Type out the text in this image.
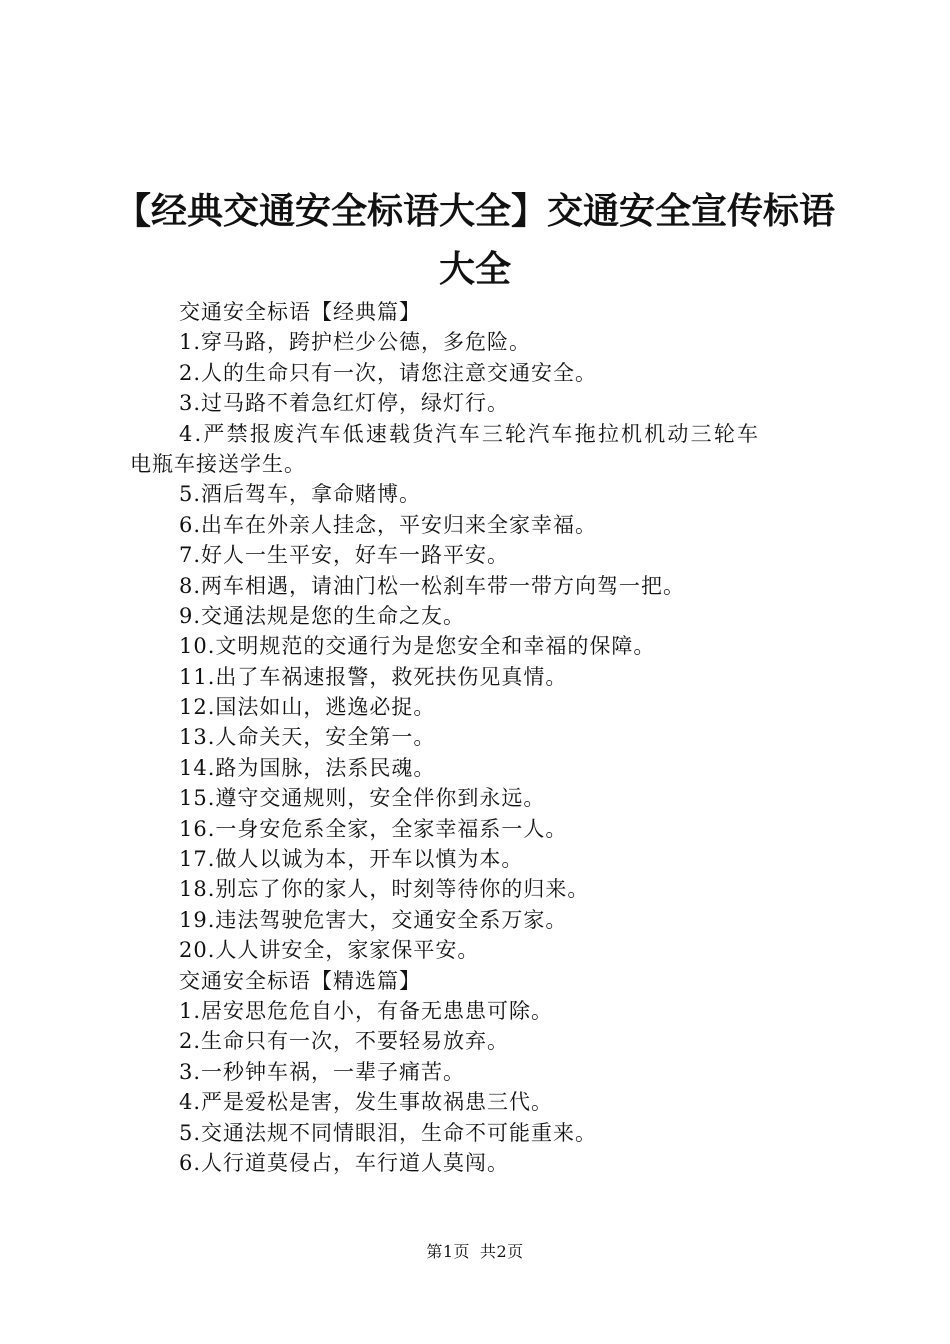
【经典交通安全标语大全】交通安全宣传标语
大全
交通安全标语【经典篇】
1.穿马路，跨护栏少公德，多危险。
2.人的生命只有一次，请您注意交通安全。
3.过马路不着急红灯停，绿灯行。
4.严禁报废汽车低速载货汽车三轮汽车拖拉机机动三轮车
电瓶车接送学生。
5.酒后驾车，拿命赌博。
6.出车在外亲人挂念，平安归来全家幸福。
7.好人一生平安，好车一路平安。
8.两车相遇，请油门松一松刹车带一带方向驾一把。
9.交通法规是您的生命之友。
10.文明规范的交通行为是您安全和幸福的保障。
11.出了车祸速报警，救死扶伤见真情。
12.国法如山，逃逸必捉。
13.人命关天，安全第一。
14.路为国脉，法系民魂。
15.遵守交通规则，安全伴你到永远。
16.一身安危系全家，全家幸福系一人。
17.做人以诚为本，开车以慎为本。
18.别忘了你的家人，时刻等待你的归来。
19.违法驾驶危害大，交通安全系万家。
20.人人讲安全，家家保平安。
交通安全标语【精选篇】
1.居安思危危自小，有备无患患可除。
2.生命只有一次，不要轻易放弃。
3.一秒钟车祸，一辈子痛苦。
4.严是爱松是害，发生事故祸患三代。
5.交通法规不同情眼泪，生命不可能重来。
6.人行道莫侵占，车行道人莫闯。
第1页 共2页
